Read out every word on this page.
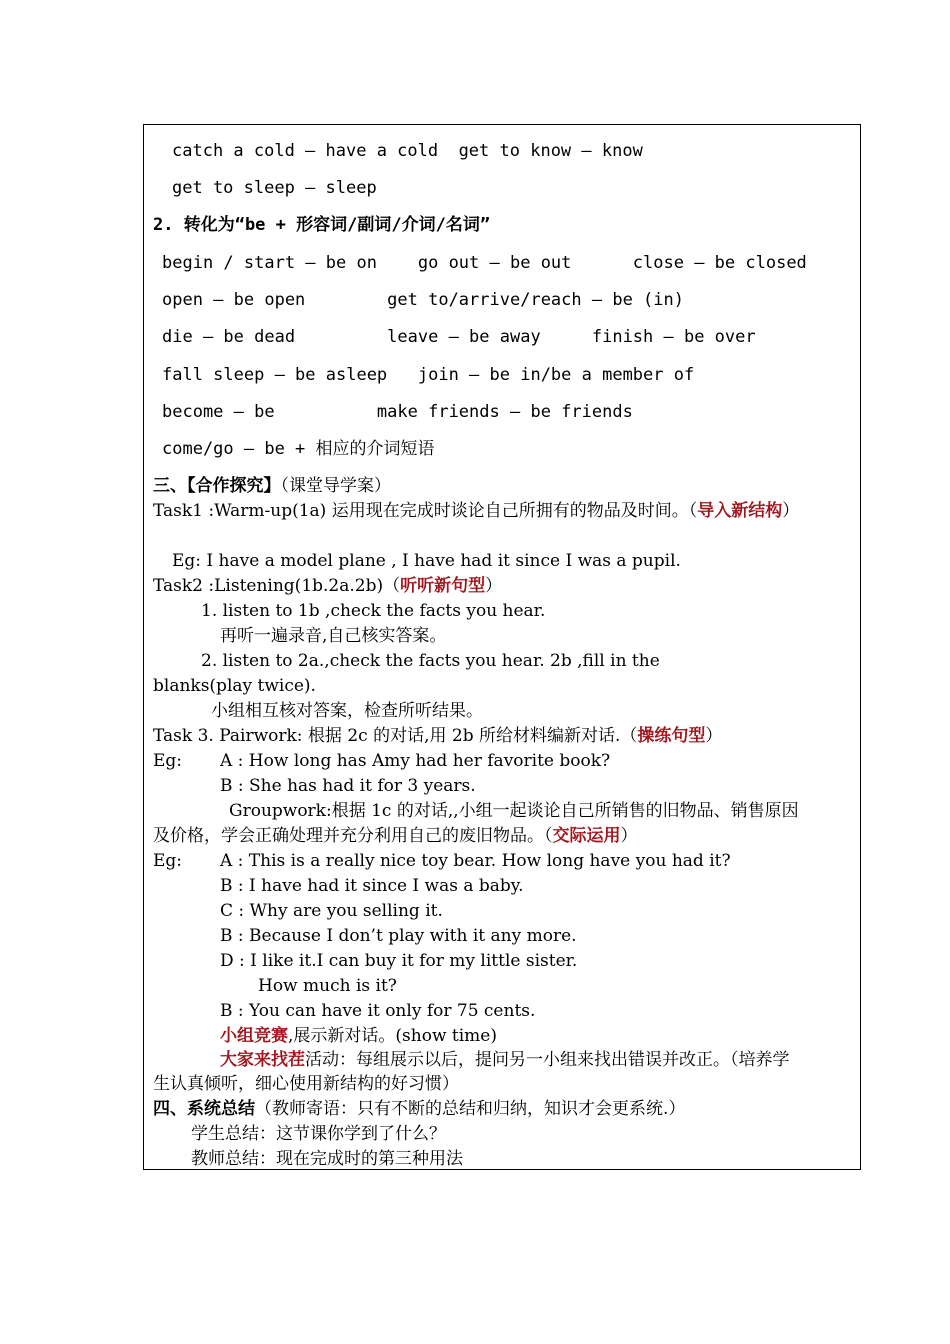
catch a cold — have a cold  get to know — know
get to sleep — sleep
2. 转化为“be + 形容词/副词/介词/名词”
begin / start — be on    go out — be out      close — be closed
open — be open        get to/arrive/reach — be (in)
die — be dead         leave — be away     finish — be over
fall sleep — be asleep   join — be in/be a member of
become — be          make friends — be friends
come/go — be + 相应的介词短语
三、【合作探究】（课堂导学案）
Task1 :Warm-up(1a) 运用现在完成时谈论自己所拥有的物品及时间。（导入新结构）
Eg: I have a model plane , I have had it since I was a pupil.
Task2 :Listening(1b.2a.2b)（听听新句型）
1. listen to 1b ,check the facts you hear.
再听一遍录音,自己核实答案。
2. listen to 2a.,check the facts you hear. 2b ,fill in the
blanks(play twice).
小组相互核对答案，检查所听结果。
Task 3. Pairwork: 根据 2c 的对话,用 2b 所给材料编新对话.（操练句型）
Eg: A : How long has Amy had her favorite book?
B : She has had it for 3 years.
Groupwork:根据 1c 的对话,,小组一起谈论自己所销售的旧物品、销售原因
及价格，学会正确处理并充分利用自己的废旧物品。（交际运用）
Eg: A : This is a really nice toy bear. How long have you had it?
B : I have had it since I was a baby.
C : Why are you selling it.
B : Because I don’t play with it any more.
D : I like it.I can buy it for my little sister.
How much is it?
B : You can have it only for 75 cents.
小组竞赛,展示新对话。(show time)
大家来找茬活动：每组展示以后，提问另一小组来找出错误并改正。（培养学
生认真倾听，细心使用新结构的好习惯）
四、系统总结（教师寄语：只有不断的总结和归纳，知识才会更系统.）
学生总结：这节课你学到了什么？
教师总结：现在完成时的第三种用法
